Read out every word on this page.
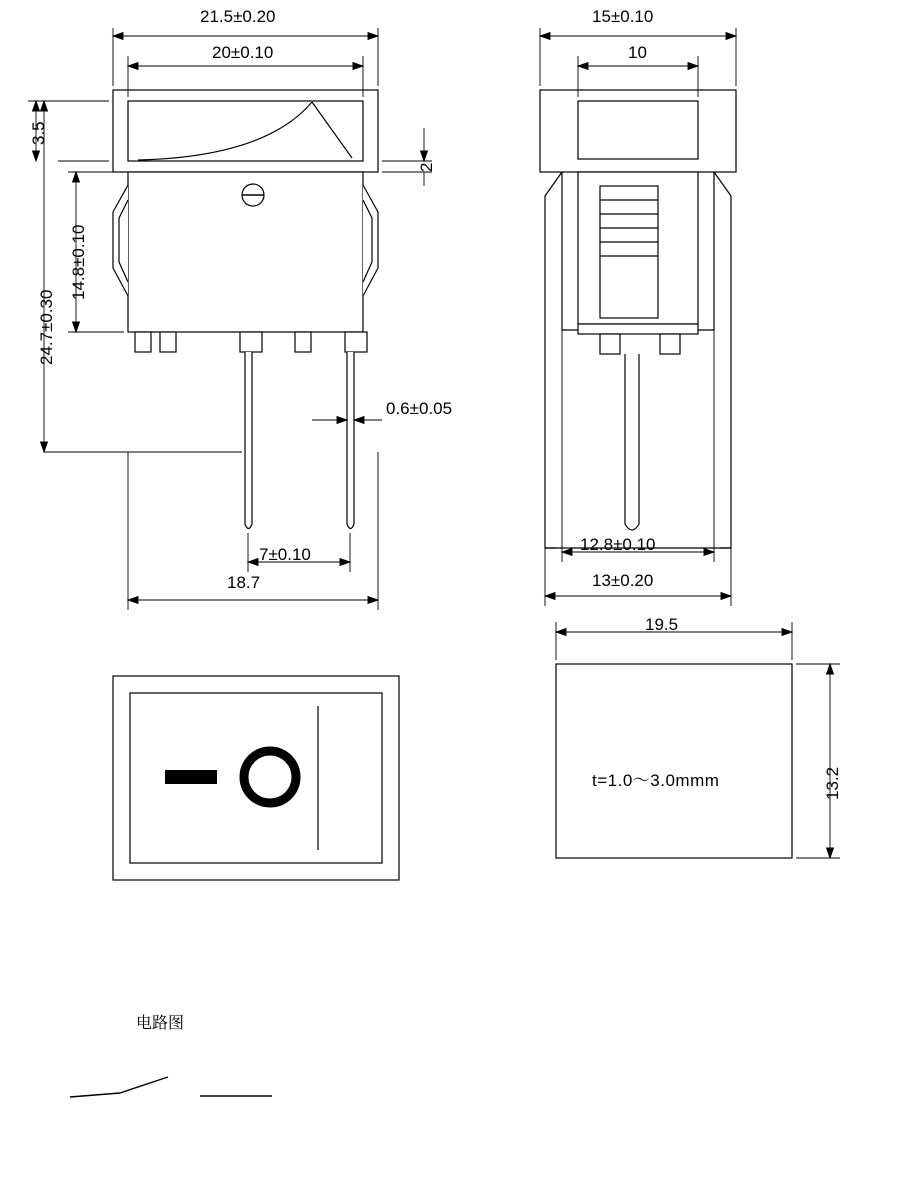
21.5±0.20
20±0.10
3.5
2
14.8±0.10
24.7±0.30
0.6±0.05
7±0.10
18.7
15±0.10
10
12.8±0.10
13±0.20
19.5
13.2
t=1.0～3.0mmm
电路图
